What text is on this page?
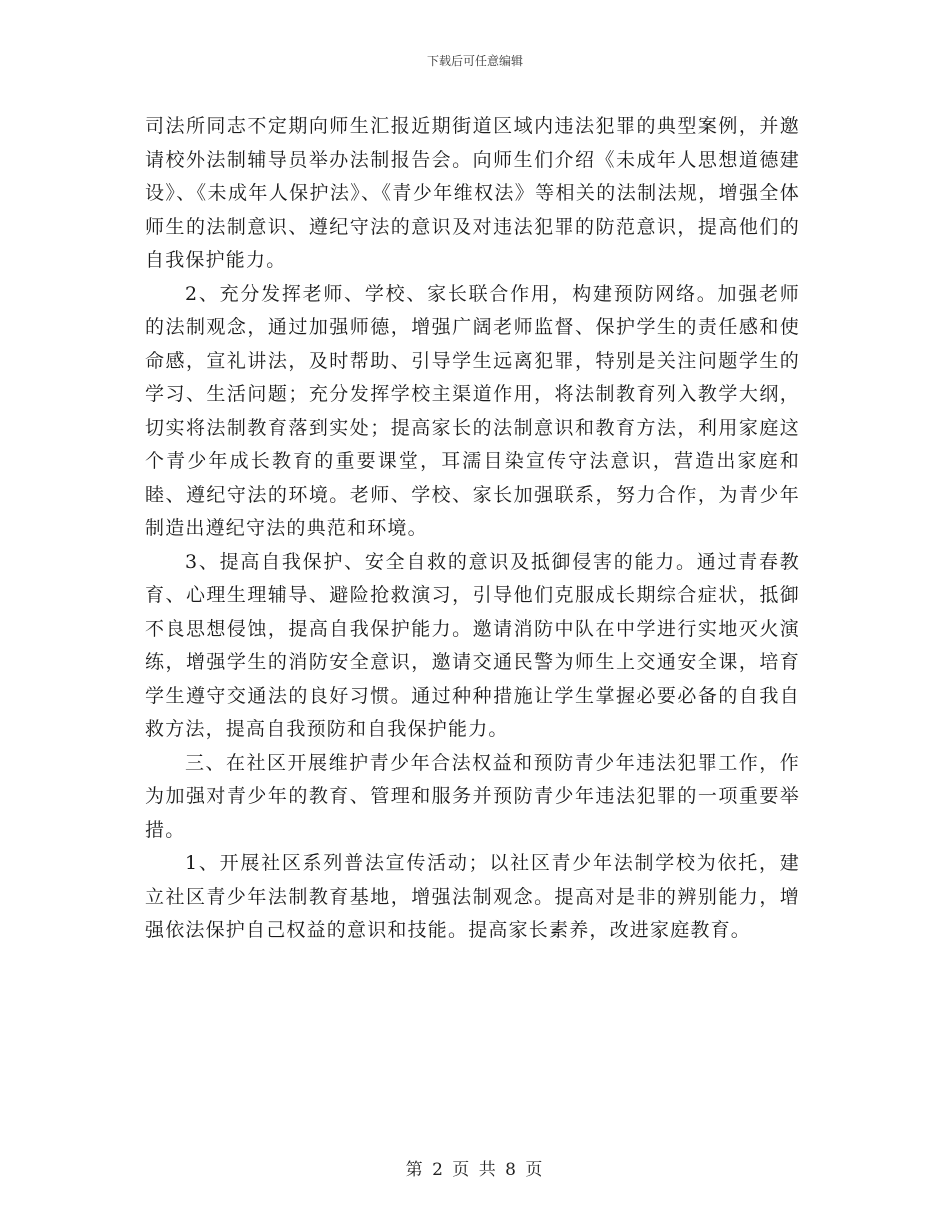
下载后可任意编辑

司法所同志不定期向师生汇报近期街道区域内违法犯罪的典型案例，并邀请校外法制辅导员举办法制报告会。向师生们介绍《未成年人思想道德建设》、《未成年人保护法》、《青少年维权法》等相关的法制法规，增强全体师生的法制意识、遵纪守法的意识及对违法犯罪的防范意识，提高他们的自我保护能力。

2、充分发挥老师、学校、家长联合作用，构建预防网络。加强老师的法制观念，通过加强师德，增强广阔老师监督、保护学生的责任感和使命感，宣礼讲法，及时帮助、引导学生远离犯罪，特别是关注问题学生的学习、生活问题；充分发挥学校主渠道作用，将法制教育列入教学大纲，切实将法制教育落到实处；提高家长的法制意识和教育方法，利用家庭这个青少年成长教育的重要课堂，耳濡目染宣传守法意识，营造出家庭和睦、遵纪守法的环境。老师、学校、家长加强联系，努力合作，为青少年制造出遵纪守法的典范和环境。

3、提高自我保护、安全自救的意识及抵御侵害的能力。通过青春教育、心理生理辅导、避险抢救演习，引导他们克服成长期综合症状，抵御不良思想侵蚀，提高自我保护能力。邀请消防中队在中学进行实地灭火演练，增强学生的消防安全意识，邀请交通民警为师生上交通安全课，培育学生遵守交通法的良好习惯。通过种种措施让学生掌握必要必备的自我自救方法，提高自我预防和自我保护能力。

三、在社区开展维护青少年合法权益和预防青少年违法犯罪工作，作为加强对青少年的教育、管理和服务并预防青少年违法犯罪的一项重要举措。

1、开展社区系列普法宣传活动；以社区青少年法制学校为依托，建立社区青少年法制教育基地，增强法制观念。提高对是非的辨别能力，增强依法保护自己权益的意识和技能。提高家长素养，改进家庭教育。

第 2 页 共 8 页
